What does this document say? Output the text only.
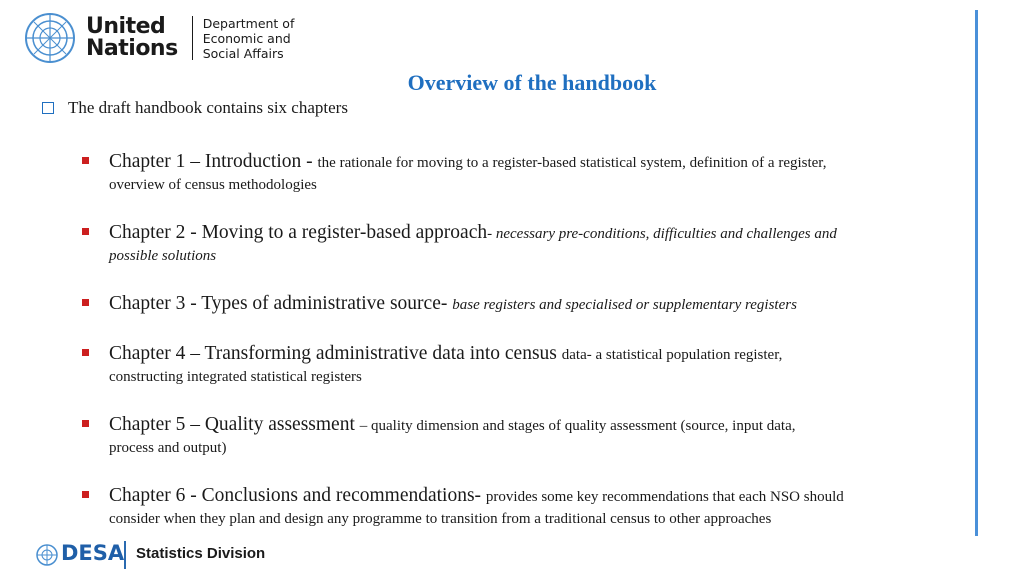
United
Nations
Department of
Economic and
Social Affairs
Overview of the handbook
The draft handbook contains six chapters
Chapter 1 – Introduction - the rationale for moving to a register-based statistical system, definition of a register,
overview of census methodologies
Chapter 2 - Moving to a register-based approach- necessary pre-conditions, difficulties and challenges and
possible solutions
Chapter 3 - Types of administrative source- base registers and specialised or supplementary registers
Chapter 4 – Transforming administrative data into census data- a statistical population register,
constructing integrated statistical registers
Chapter 5 – Quality assessment – quality dimension and stages of quality assessment (source, input data,
process and output)
Chapter 6 - Conclusions and recommendations- provides some key recommendations that each NSO should
consider when they plan and design any programme to transition from a traditional census to other approaches
DESA Statistics Division
